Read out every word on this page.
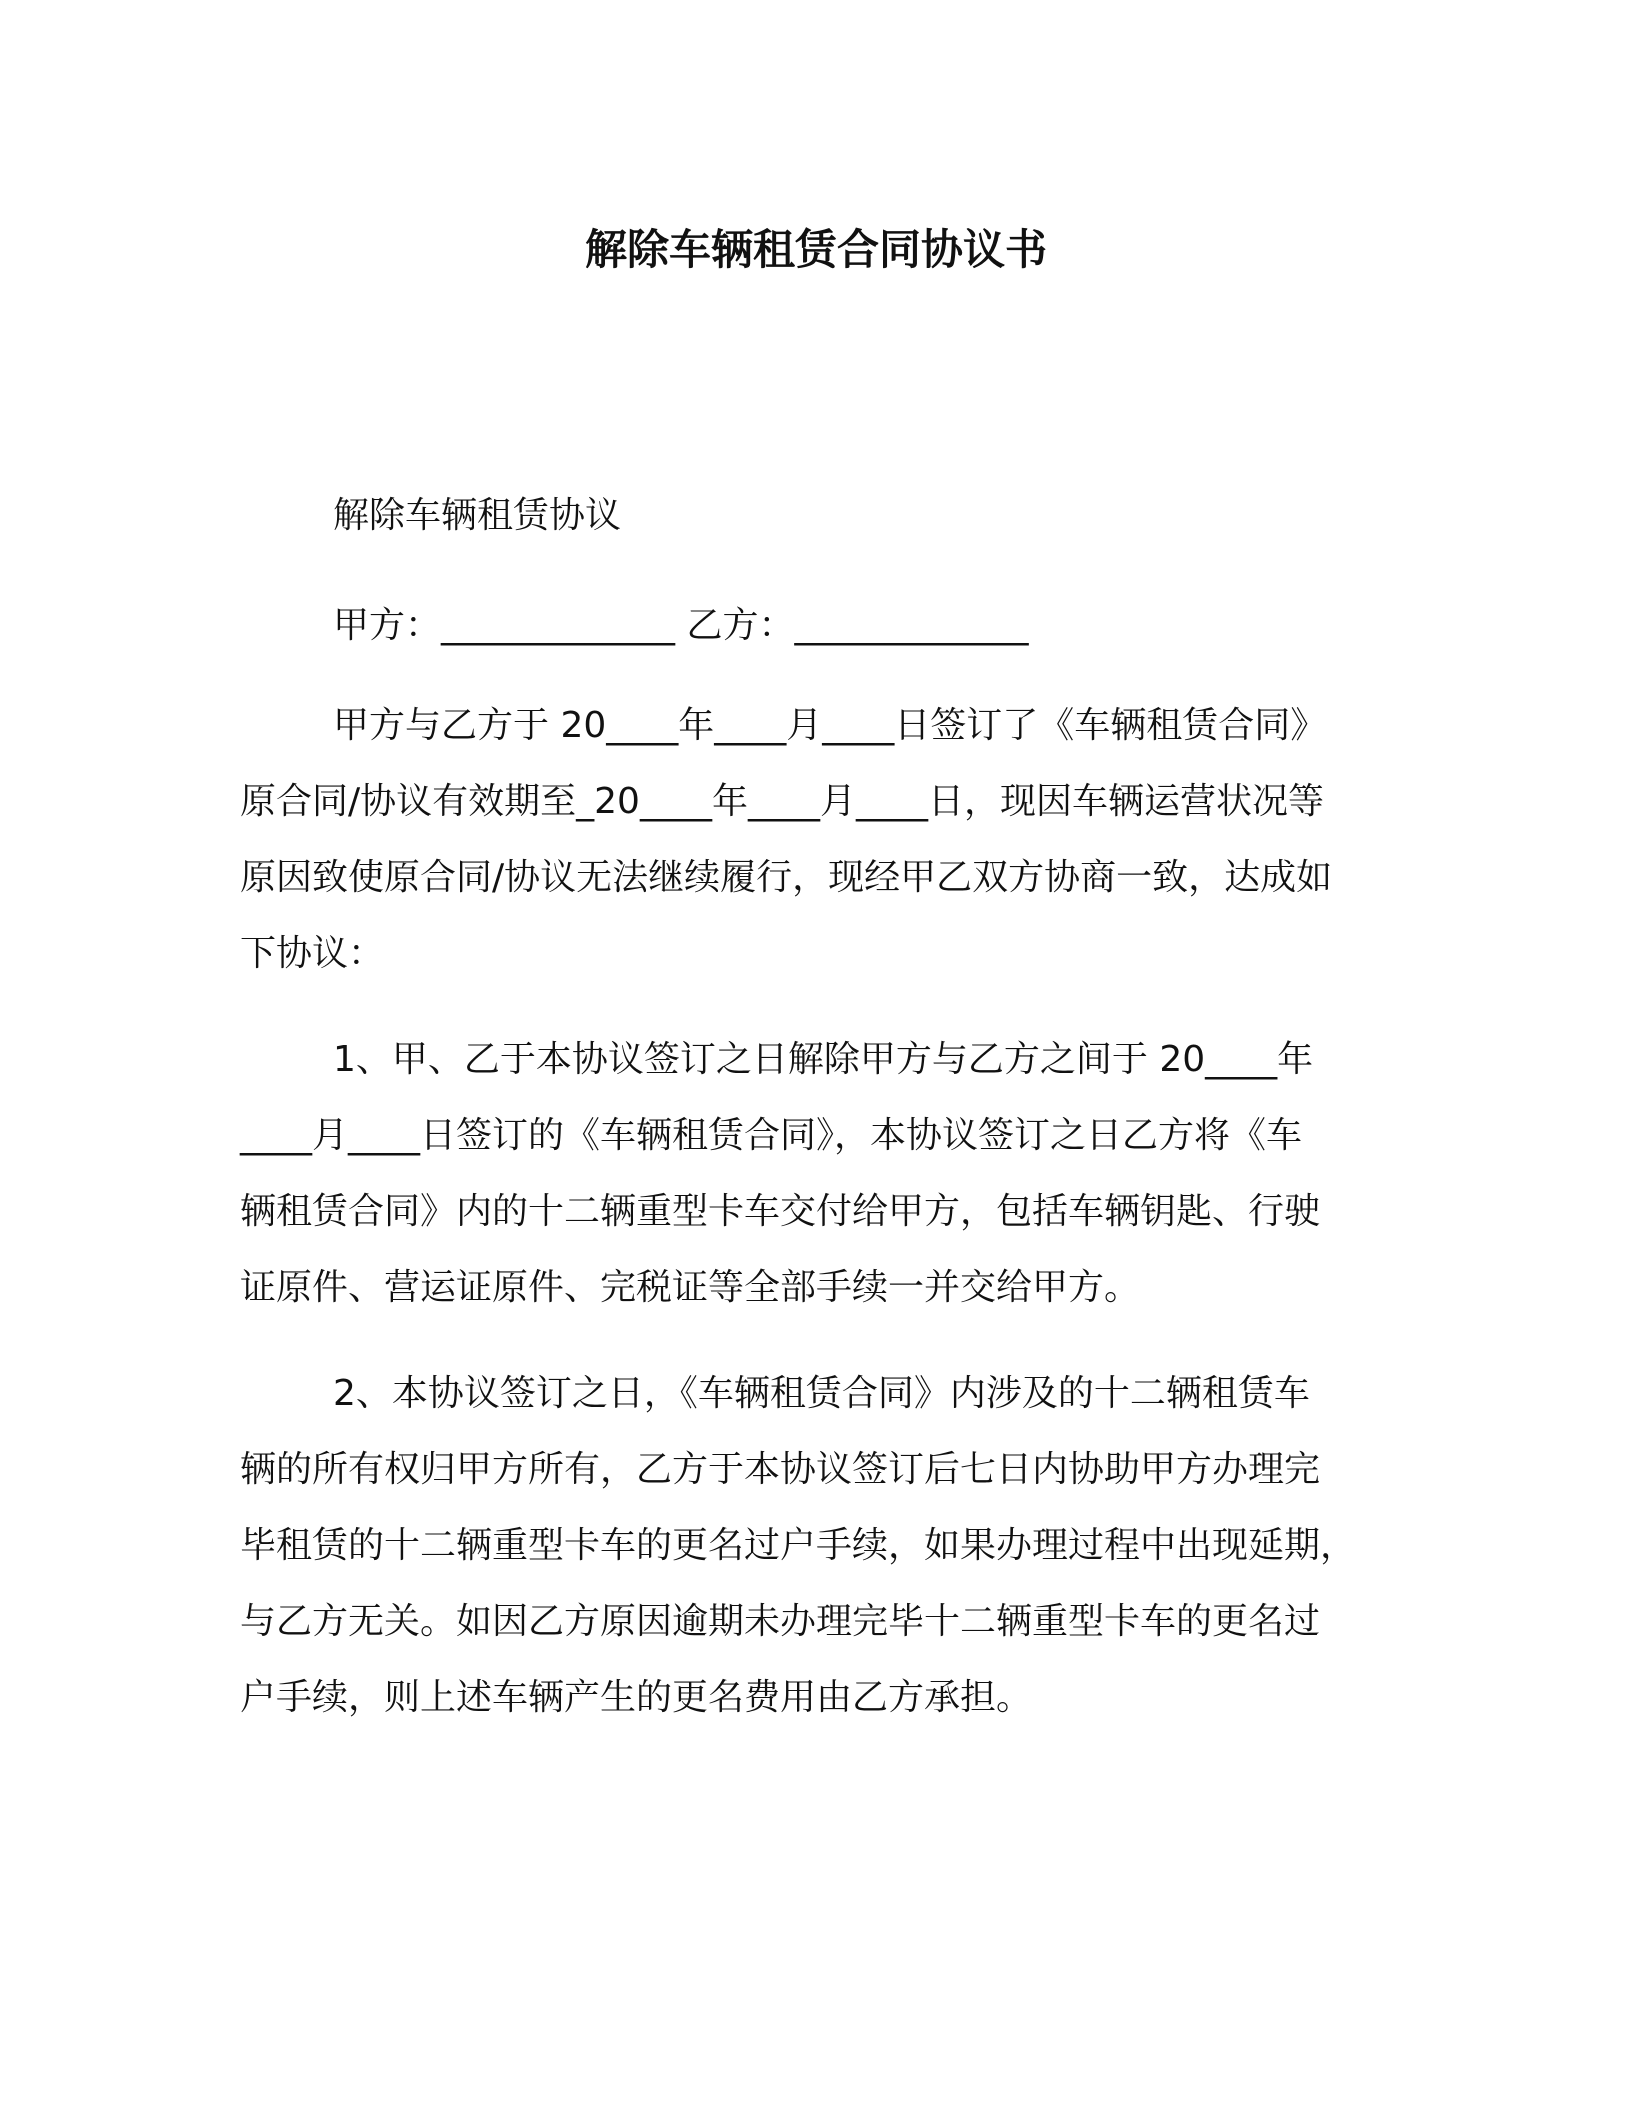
解除车辆租赁合同协议书
解除车辆租赁协议
甲方：_____________ 乙方：_____________
甲方与乙方于 20____年____月____日签订了《车辆租赁合同》
原合同/协议有效期至_20____年____月____日，现因车辆运营状况等
原因致使原合同/协议无法继续履行，现经甲乙双方协商一致，达成如
下协议：
1、甲、乙于本协议签订之日解除甲方与乙方之间于 20____年
____月____日签订的《车辆租赁合同》，本协议签订之日乙方将《车
辆租赁合同》内的十二辆重型卡车交付给甲方，包括车辆钥匙、行驶
证原件、营运证原件、完税证等全部手续一并交给甲方。
2、本协议签订之日，《车辆租赁合同》内涉及的十二辆租赁车
辆的所有权归甲方所有，乙方于本协议签订后七日内协助甲方办理完
毕租赁的十二辆重型卡车的更名过户手续，如果办理过程中出现延期，
与乙方无关。如因乙方原因逾期未办理完毕十二辆重型卡车的更名过
户手续，则上述车辆产生的更名费用由乙方承担。
